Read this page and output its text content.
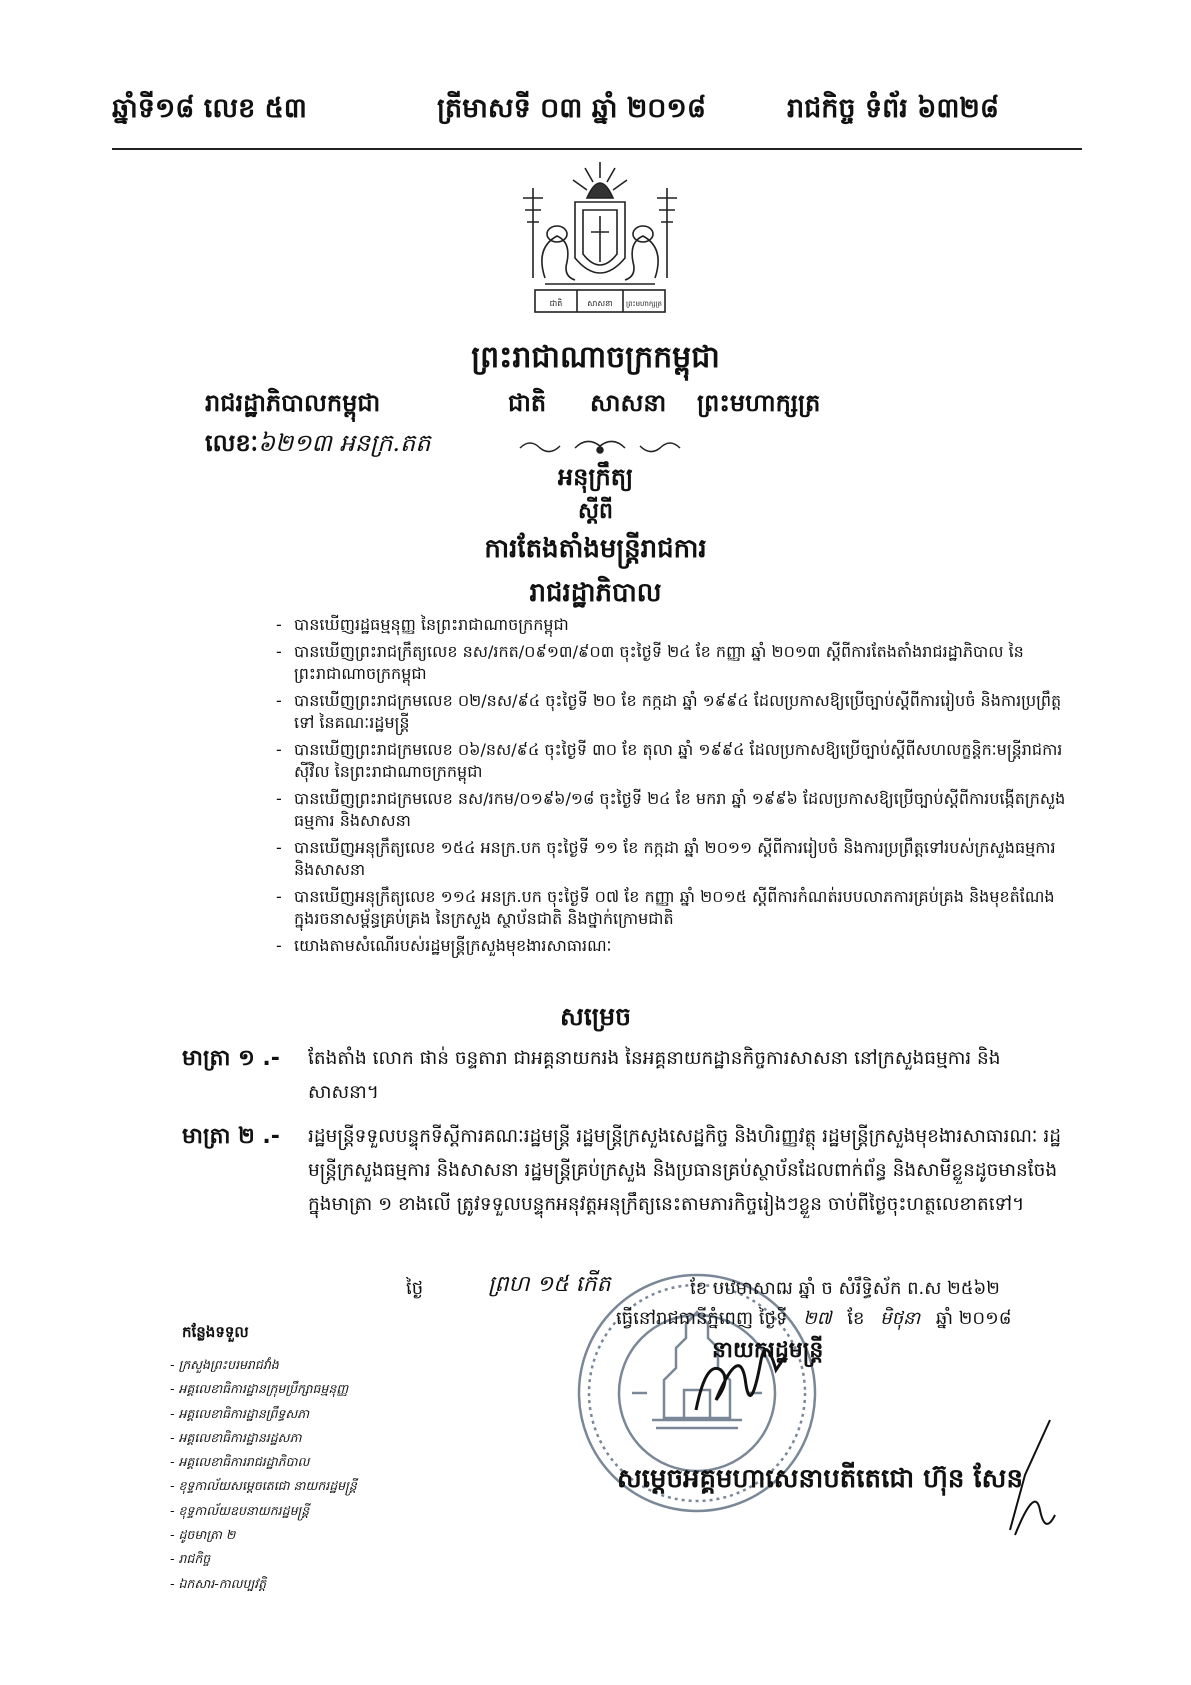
ឆ្នាំទី១៨ លេខ ៥៣	ត្រីមាសទី ០៣ ឆ្នាំ ២០១៨	រាជកិច្ច ទំព័រ ៦៣២៨
ជាតិ	សាសនា ព្រះមហាក្សត្រ
ព្រះរាជាណាចក្រកម្ពុជា
រាជរដ្ឋាភិបាលកម្ពុជា
លេខៈ៦២១៣ អនក្រ.តត
ជាតិ សាសនា ព្រះមហាក្សត្រ
អនុក្រឹត្យ
ស្តីពី
ការតែងតាំងមន្ត្រីរាជការ
រាជរដ្ឋាភិបាល
- បានឃើញរដ្ឋធម្មនុញ្ញ នៃព្រះរាជាណាចក្រកម្ពុជា
- បានឃើញព្រះរាជក្រឹត្យលេខ នស/រកត/០៩១៣/៩០៣ ចុះថ្ងៃទី ២៤ ខែ កញ្ញា ឆ្នាំ ២០១៣ ស្តីពីការតែងតាំងរាជរដ្ឋាភិបាល នៃព្រះរាជាណាចក្រកម្ពុជា
- បានឃើញព្រះរាជក្រមលេខ ០២/នស/៩៤ ចុះថ្ងៃទី ២០ ខែ កក្កដា ឆ្នាំ ១៩៩៤ ដែលប្រកាសឱ្យប្រើច្បាប់ស្តីពីការរៀបចំ និងការប្រព្រឹត្តទៅ នៃគណៈរដ្ឋមន្ត្រី
- បានឃើញព្រះរាជក្រមលេខ ០៦/នស/៩៤ ចុះថ្ងៃទី ៣០ ខែ តុលា ឆ្នាំ ១៩៩៤ ដែលប្រកាសឱ្យប្រើច្បាប់ស្តីពីសហលក្ខន្តិកៈមន្ត្រីរាជការស៊ីវិល នៃព្រះរាជាណាចក្រកម្ពុជា
- បានឃើញព្រះរាជក្រមលេខ នស/រកម/០១៩៦/១៨ ចុះថ្ងៃទី ២៤ ខែ មករា ឆ្នាំ ១៩៩៦ ដែលប្រកាសឱ្យប្រើច្បាប់ស្តីពីការបង្កើតក្រសួងធម្មការ និងសាសនា
- បានឃើញអនុក្រឹត្យលេខ ១៥៤ អនក្រ.បក ចុះថ្ងៃទី ១១ ខែ កក្កដា ឆ្នាំ ២០១១ ស្តីពីការរៀបចំ និងការប្រព្រឹត្តទៅរបស់ក្រសួងធម្មការ និងសាសនា
- បានឃើញអនុក្រឹត្យលេខ ១១៤ អនក្រ.បក ចុះថ្ងៃទី ០៧ ខែ កញ្ញា ឆ្នាំ ២០១៥ ស្តីពីការកំណត់របបលាភការគ្រប់គ្រង និងមុខតំណែងក្នុងរចនាសម្ព័ន្ធគ្រប់គ្រង នៃក្រសួង ស្ថាប័នជាតិ និងថ្នាក់ក្រោមជាតិ
- យោងតាមសំណើរបស់រដ្ឋមន្ត្រីក្រសួងមុខងារសាធារណៈ
សម្រេច
មាត្រា ១ .- តែងតាំង លោក ផាន់ ចន្ទតារា ជាអគ្គនាយករង នៃអគ្គនាយកដ្ឋានកិច្ចការសាសនា នៅក្រសួងធម្មការ និងសាសនា។
មាត្រា ២ .- រដ្ឋមន្ត្រីទទួលបន្ទុកទីស្តីការគណៈរដ្ឋមន្ត្រី រដ្ឋមន្ត្រីក្រសួងសេដ្ឋកិច្ច និងហិរញ្ញវត្ថុ រដ្ឋមន្ត្រីក្រសួងមុខងារសាធារណៈ រដ្ឋមន្ត្រីក្រសួងធម្មការ និងសាសនា រដ្ឋមន្ត្រីគ្រប់ក្រសួង និងប្រធានគ្រប់ស្ថាប័នដែលពាក់ព័ន្ធ និងសាមីខ្លួនដូចមានចែងក្នុងមាត្រា ១ ខាងលើ ត្រូវទទួលបន្ទុកអនុវត្តអនុក្រឹត្យនេះតាមភារកិច្ចរៀងៗខ្លួន ចាប់ពីថ្ងៃចុះហត្ថលេខាតទៅ។
ថ្ងៃ	ព្រហ ១៥ កើត	ខែ បឋមាសាឍ ឆ្នាំ ច សំរឹទ្ធិស័ក ព.ស ២៥៦២
ធ្វើនៅរាជធានីភ្នំពេញ ថ្ងៃទី ២៧ ខែ មិថុនា ឆ្នាំ ២០១៨
នាយករដ្ឋមន្ត្រី
សម្តេចអគ្គមហាសេនាបតីតេជោ ហ៊ុន សែន
កន្លែងទទួល
- ក្រសួងព្រះបរមរាជវាំង
- អគ្គលេខាធិការដ្ឋានក្រុមប្រឹក្សាធម្មនុញ្ញ
- អគ្គលេខាធិការដ្ឋានព្រឹទ្ធសភា
- អគ្គលេខាធិការដ្ឋានរដ្ឋសភា
- អគ្គលេខាធិការរាជរដ្ឋាភិបាល
- ខុទ្ទកាល័យសម្តេចតេជោ នាយករដ្ឋមន្ត្រី
- ខុទ្ទកាល័យឧបនាយករដ្ឋមន្ត្រី
- ដូចមាត្រា ២
- រាជកិច្ច
- ឯកសារ-កាលប្បវត្តិ
